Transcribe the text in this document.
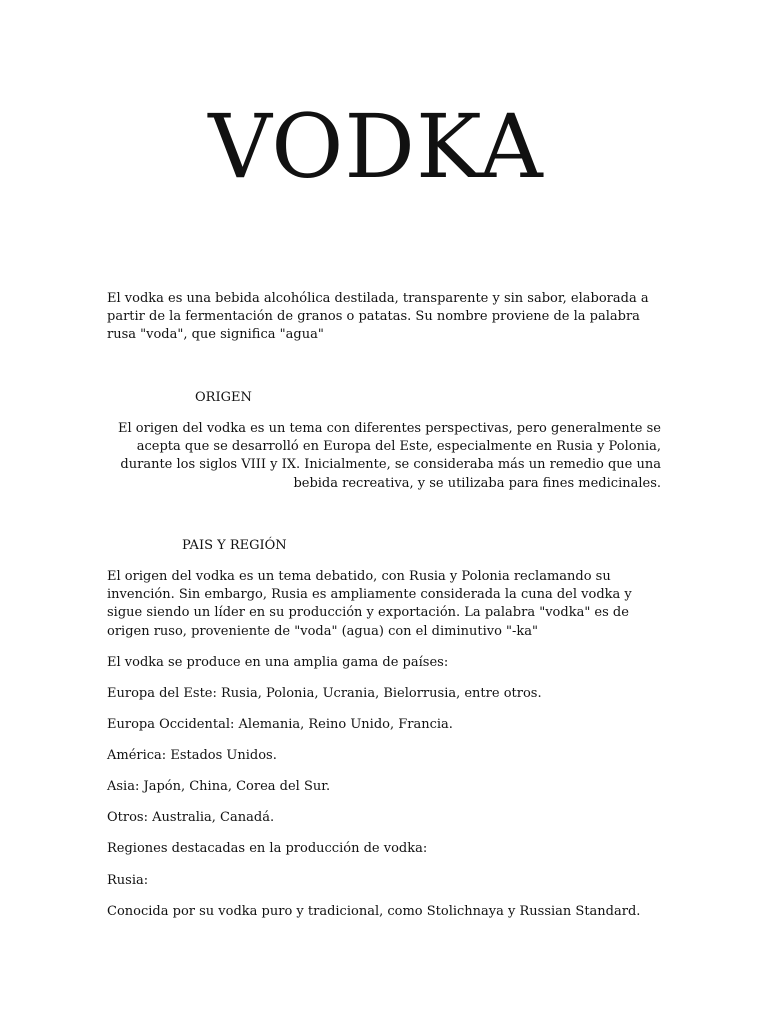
VODKA

El vodka es una bebida alcohólica destilada, transparente y sin sabor, elaborada a partir de la fermentación de granos o patatas. Su nombre proviene de la palabra rusa "voda", que significa "agua"

ORIGEN

El origen del vodka es un tema con diferentes perspectivas, pero generalmente se acepta que se desarrolló en Europa del Este, especialmente en Rusia y Polonia, durante los siglos VIII y IX. Inicialmente, se consideraba más un remedio que una bebida recreativa, y se utilizaba para fines medicinales.

PAIS Y REGIÓN

El origen del vodka es un tema debatido, con Rusia y Polonia reclamando su invención. Sin embargo, Rusia es ampliamente considerada la cuna del vodka y sigue siendo un líder en su producción y exportación. La palabra "vodka" es de origen ruso, proveniente de "voda" (agua) con el diminutivo "-ka"

El vodka se produce en una amplia gama de países:

Europa del Este: Rusia, Polonia, Ucrania, Bielorrusia, entre otros.

Europa Occidental: Alemania, Reino Unido, Francia.

América: Estados Unidos.

Asia: Japón, China, Corea del Sur.

Otros: Australia, Canadá.

Regiones destacadas en la producción de vodka:

Rusia:

Conocida por su vodka puro y tradicional, como Stolichnaya y Russian Standard.
